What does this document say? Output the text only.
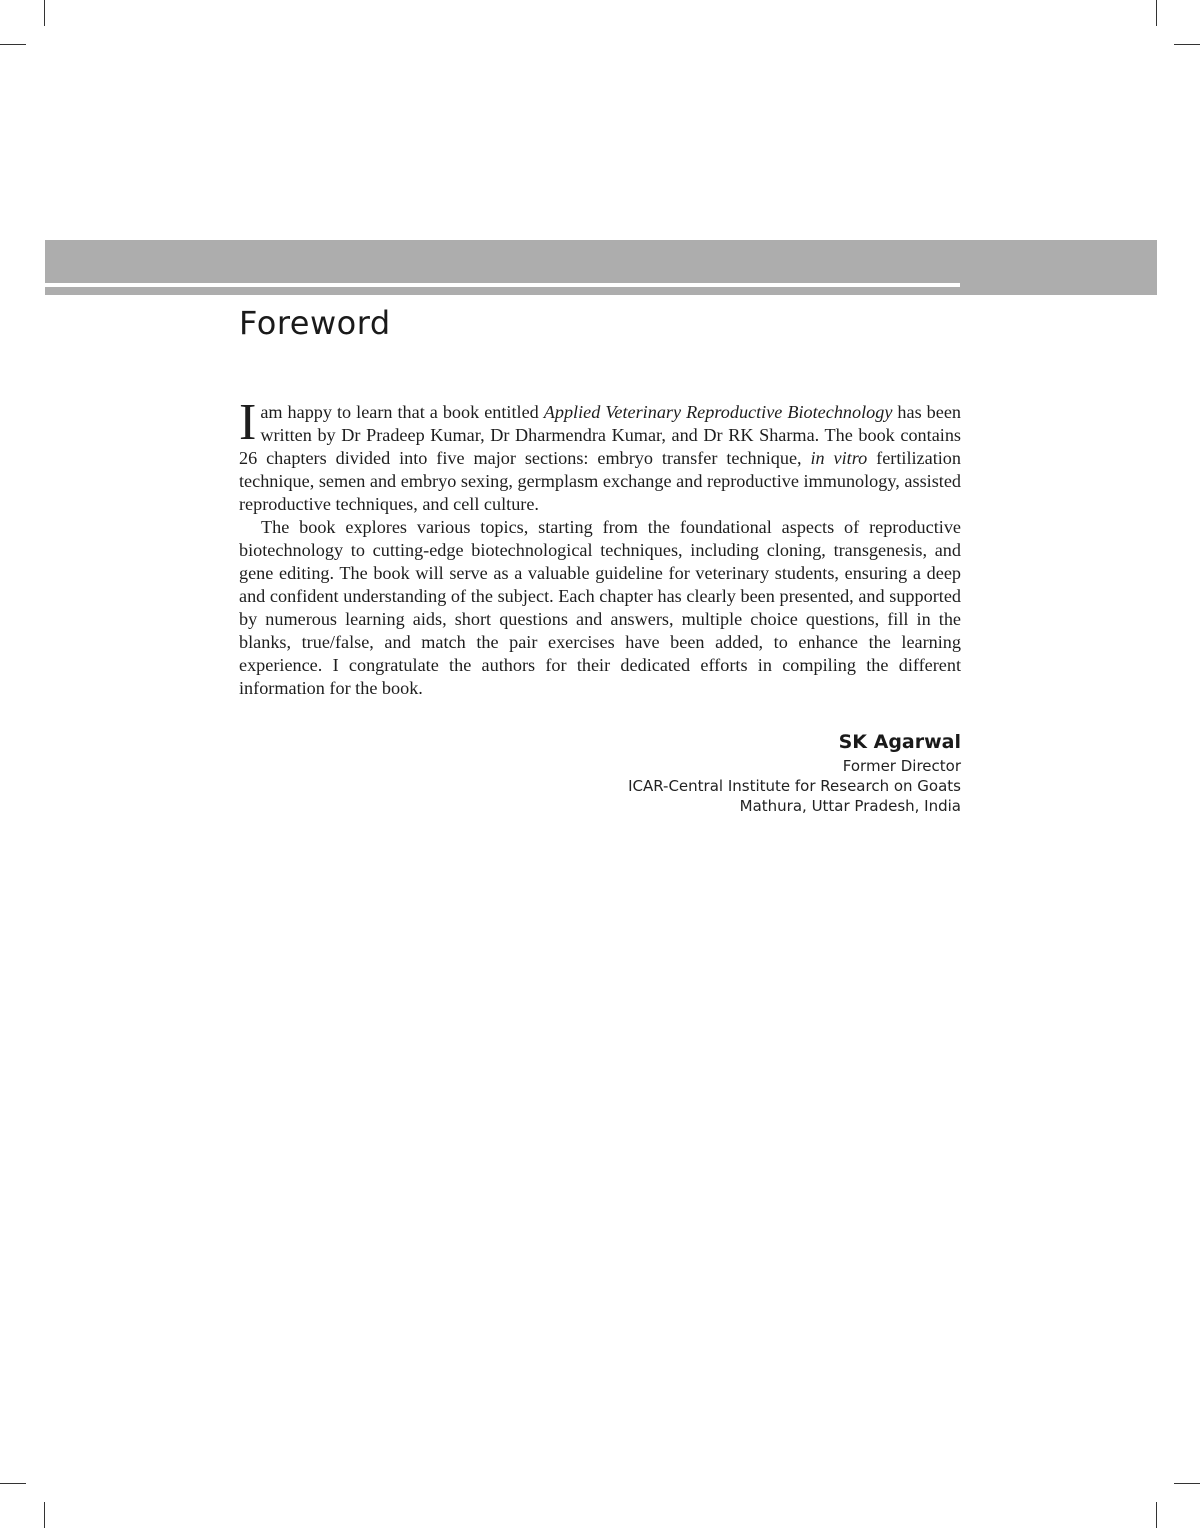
Foreword

I am happy to learn that a book entitled Applied Veterinary Reproductive Biotechnology has been written by Dr Pradeep Kumar, Dr Dharmendra Kumar, and Dr RK Sharma. The book contains 26 chapters divided into five major sections: embryo transfer technique, in vitro fertilization technique, semen and embryo sexing, germplasm exchange and reproductive immunology, assisted reproductive techniques, and cell culture.

The book explores various topics, starting from the foundational aspects of reproductive biotechnology to cutting-edge biotechnological techniques, including cloning, transgenesis, and gene editing. The book will serve as a valuable guideline for veterinary students, ensuring a deep and confident understanding of the subject. Each chapter has clearly been presented, and supported by numerous learning aids, short questions and answers, multiple choice questions, fill in the blanks, true/false, and match the pair exercises have been added, to enhance the learning experience. I congratulate the authors for their dedicated efforts in compiling the different information for the book.

SK Agarwal
Former Director
ICAR-Central Institute for Research on Goats
Mathura, Uttar Pradesh, India
